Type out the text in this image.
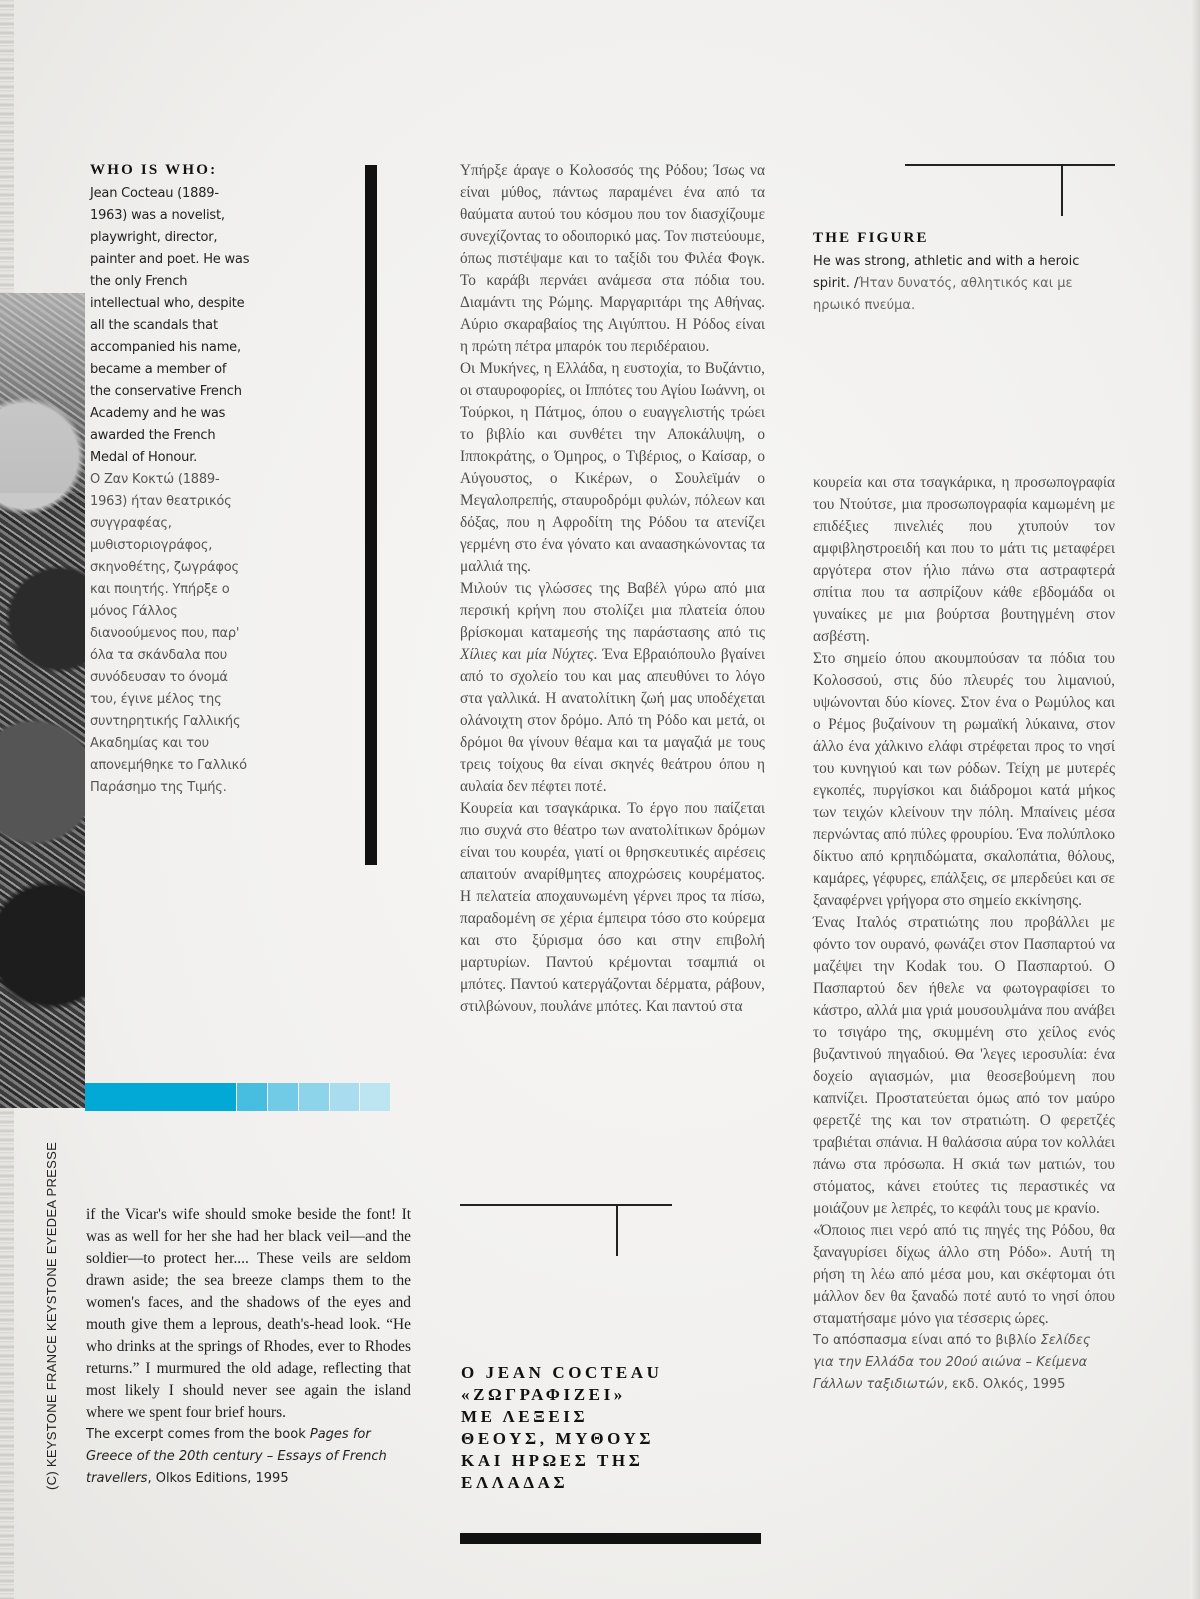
(C) KEYSTONE FRANCE KEYSTONE EYEDEA PRESSE
WHO IS WHO:

Jean Cocteau (1889-1963) was a novelist, playwright, director, painter and poet. He was the only French intellectual who, despite all the scandals that accompanied his name, became a member of the conservative French Academy and he was awarded the French Medal of Honour.

Ο Ζαν Κοκτώ (1889-1963) ήταν θεατρικός συγγραφέας, μυθιστοριογράφος, σκηνοθέτης, ζωγράφος και ποιητής. Υπήρξε ο μόνος Γάλλος διανοούμενος που, παρ' όλα τα σκάνδαλα που συνόδευσαν το όνομά του, έγινε μέλος της συντηρητικής Γαλλικής Ακαδημίας και του απονεμήθηκε το Γαλλικό Παράσημο της Τιμής.

Υπήρξε άραγε ο Κολοσσός της Ρόδου; Ίσως να είναι μύθος, πάντως παραμένει ένα από τα θαύματα αυτού του κόσμου που τον διασχίζουμε συνεχίζοντας το οδοιπορικό μας. Τον πιστεύουμε, όπως πιστέψαμε και το ταξίδι του Φιλέα Φογκ. Το καράβι περνάει ανάμεσα στα πόδια του. Διαμάντι της Ρώμης. Μαργαριτάρι της Αθήνας. Αύριο σκαραβαίος της Αιγύπτου. Η Ρόδος είναι η πρώτη πέτρα μπαρόκ του περιδέραιου.

Οι Μυκήνες, η Ελλάδα, η ευστοχία, το Βυζάντιο, οι σταυροφορίες, οι Ιππότες του Αγίου Ιωάννη, οι Τούρκοι, η Πάτμος, όπου ο ευαγγελιστής τρώει το βιβλίο και συνθέτει την Αποκάλυψη, ο Ιπποκράτης, ο Όμηρος, ο Τιβέριος, ο Καίσαρ, ο Αύγουστος, ο Κικέρων, ο Σουλεϊμάν ο Μεγαλοπρεπής, σταυροδρόμι φυλών, πόλεων και δόξας, που η Αφροδίτη της Ρόδου τα ατενίζει γερμένη στο ένα γόνατο και αναασηκώνοντας τα μαλλιά της.

Μιλούν τις γλώσσες της Βαβέλ γύρω από μια περσική κρήνη που στολίζει μια πλατεία όπου βρίσκομαι καταμεσής της παράστασης από τις Χίλιες και μία Νύχτες. Ένα Εβραιόπουλο βγαίνει από το σχολείο του και μας απευθύνει το λόγο στα γαλλικά. Η ανατολίτικη ζωή μας υποδέχεται ολάνοιχτη στον δρόμο. Από τη Ρόδο και μετά, οι δρόμοι θα γίνουν θέαμα και τα μαγαζιά με τους τρεις τοίχους θα είναι σκηνές θεάτρου όπου η αυλαία δεν πέφτει ποτέ.

Κουρεία και τσαγκάρικα. Το έργο που παίζεται πιο συχνά στο θέατρο των ανατολίτικων δρόμων είναι του κουρέα, γιατί οι θρησκευτικές αιρέσεις απαιτούν αναρίθμητες αποχρώσεις κουρέματος. Η πελατεία αποχαυνωμένη γέρνει προς τα πίσω, παραδομένη σε χέρια έμπειρα τόσο στο κούρεμα και στο ξύρισμα όσο και στην επιβολή μαρτυρίων. Παντού κρέμονται τσαμπιά οι μπότες. Παντού κατεργάζονται δέρματα, ράβουν, στιλβώνουν, πουλάνε μπότες. Και παντού στα

THE FIGURE
He was strong, athletic and with a heroic spirit. /Ήταν δυνατός, αθλητικός και με ηρωικό πνεύμα.

κουρεία και στα τσαγκάρικα, η προσωπογραφία του Ντούτσε, μια προσωπογραφία καμωμένη με επιδέξιες πινελιές που χτυπούν τον αμφιβληστροειδή και που το μάτι τις μεταφέρει αργότερα στον ήλιο πάνω στα αστραφτερά σπίτια που τα ασπρίζουν κάθε εβδομάδα οι γυναίκες με μια βούρτσα βουτηγμένη στον ασβέστη.

Στο σημείο όπου ακουμπούσαν τα πόδια του Κολοσσού, στις δύο πλευρές του λιμανιού, υψώνονται δύο κίονες. Στον ένα ο Ρωμύλος και ο Ρέμος βυζαίνουν τη ρωμαϊκή λύκαινα, στον άλλο ένα χάλκινο ελάφι στρέφεται προς το νησί του κυνηγιού και των ρόδων. Τείχη με μυτερές εγκοπές, πυργίσκοι και διάδρομοι κατά μήκος των τειχών κλείνουν την πόλη. Μπαίνεις μέσα περνώντας από πύλες φρουρίου. Ένα πολύπλοκο δίκτυο από κρηπιδώματα, σκαλοπάτια, θόλους, καμάρες, γέφυρες, επάλξεις, σε μπερδεύει και σε ξαναφέρνει γρήγορα στο σημείο εκκίνησης.

Ένας Ιταλός στρατιώτης που προβάλλει με φόντο τον ουρανό, φωνάζει στον Πασπαρτού να μαζέψει την Kodak του. Ο Πασπαρτού. Ο Πασπαρτού δεν ήθελε να φωτογραφίσει το κάστρο, αλλά μια γριά μουσουλμάνα που ανάβει το τσιγάρο της, σκυμμένη στο χείλος ενός βυζαντινού πηγαδιού. Θα 'λεγες ιεροσυλία: ένα δοχείο αγιασμών, μια θεοσεβούμενη που καπνίζει. Προστατεύεται όμως από τον μαύρο φερετζέ της και τον στρατιώτη. Ο φερετζές τραβιέται σπάνια. Η θαλάσσια αύρα τον κολλάει πάνω στα πρόσωπα. Η σκιά των ματιών, του στόματος, κάνει ετούτες τις περαστικές να μοιάζουν με λεπρές, το κεφάλι τους με κρανίο.

«Όποιος πιει νερό από τις πηγές της Ρόδου, θα ξαναγυρίσει δίχως άλλο στη Ρόδο». Αυτή τη ρήση τη λέω από μέσα μου, και σκέφτομαι ότι μάλλον δεν θα ξαναδώ ποτέ αυτό το νησί όπου σταματήσαμε μόνο για τέσσερις ώρες.

Το απόσπασμα είναι από το βιβλίο Σελίδες για την Ελλάδα του 20ού αιώνα – Κείμενα Γάλλων ταξιδιωτών, εκδ. Ολκός, 1995

if the Vicar's wife should smoke beside the font! It was as well for her she had her black veil—and the soldier—to protect her.... These veils are seldom drawn aside; the sea breeze clamps them to the women's faces, and the shadows of the eyes and mouth give them a leprous, death's-head look. “He who drinks at the springs of Rhodes, ever to Rhodes returns.” I murmured the old adage, reflecting that most likely I should never see again the island where we spent four brief hours.

The excerpt comes from the book Pages for Greece of the 20th century – Essays of French travellers, Olkos Editions, 1995

Ο JEAN COCTEAU
«ΖΩΓΡΑΦΙΖΕΙ»
ΜΕ ΛΕΞΕΙΣ
ΘΕΟΥΣ, ΜΥΘΟΥΣ
ΚΑΙ ΗΡΩΕΣ ΤΗΣ
ΕΛΛΑΔΑΣ
